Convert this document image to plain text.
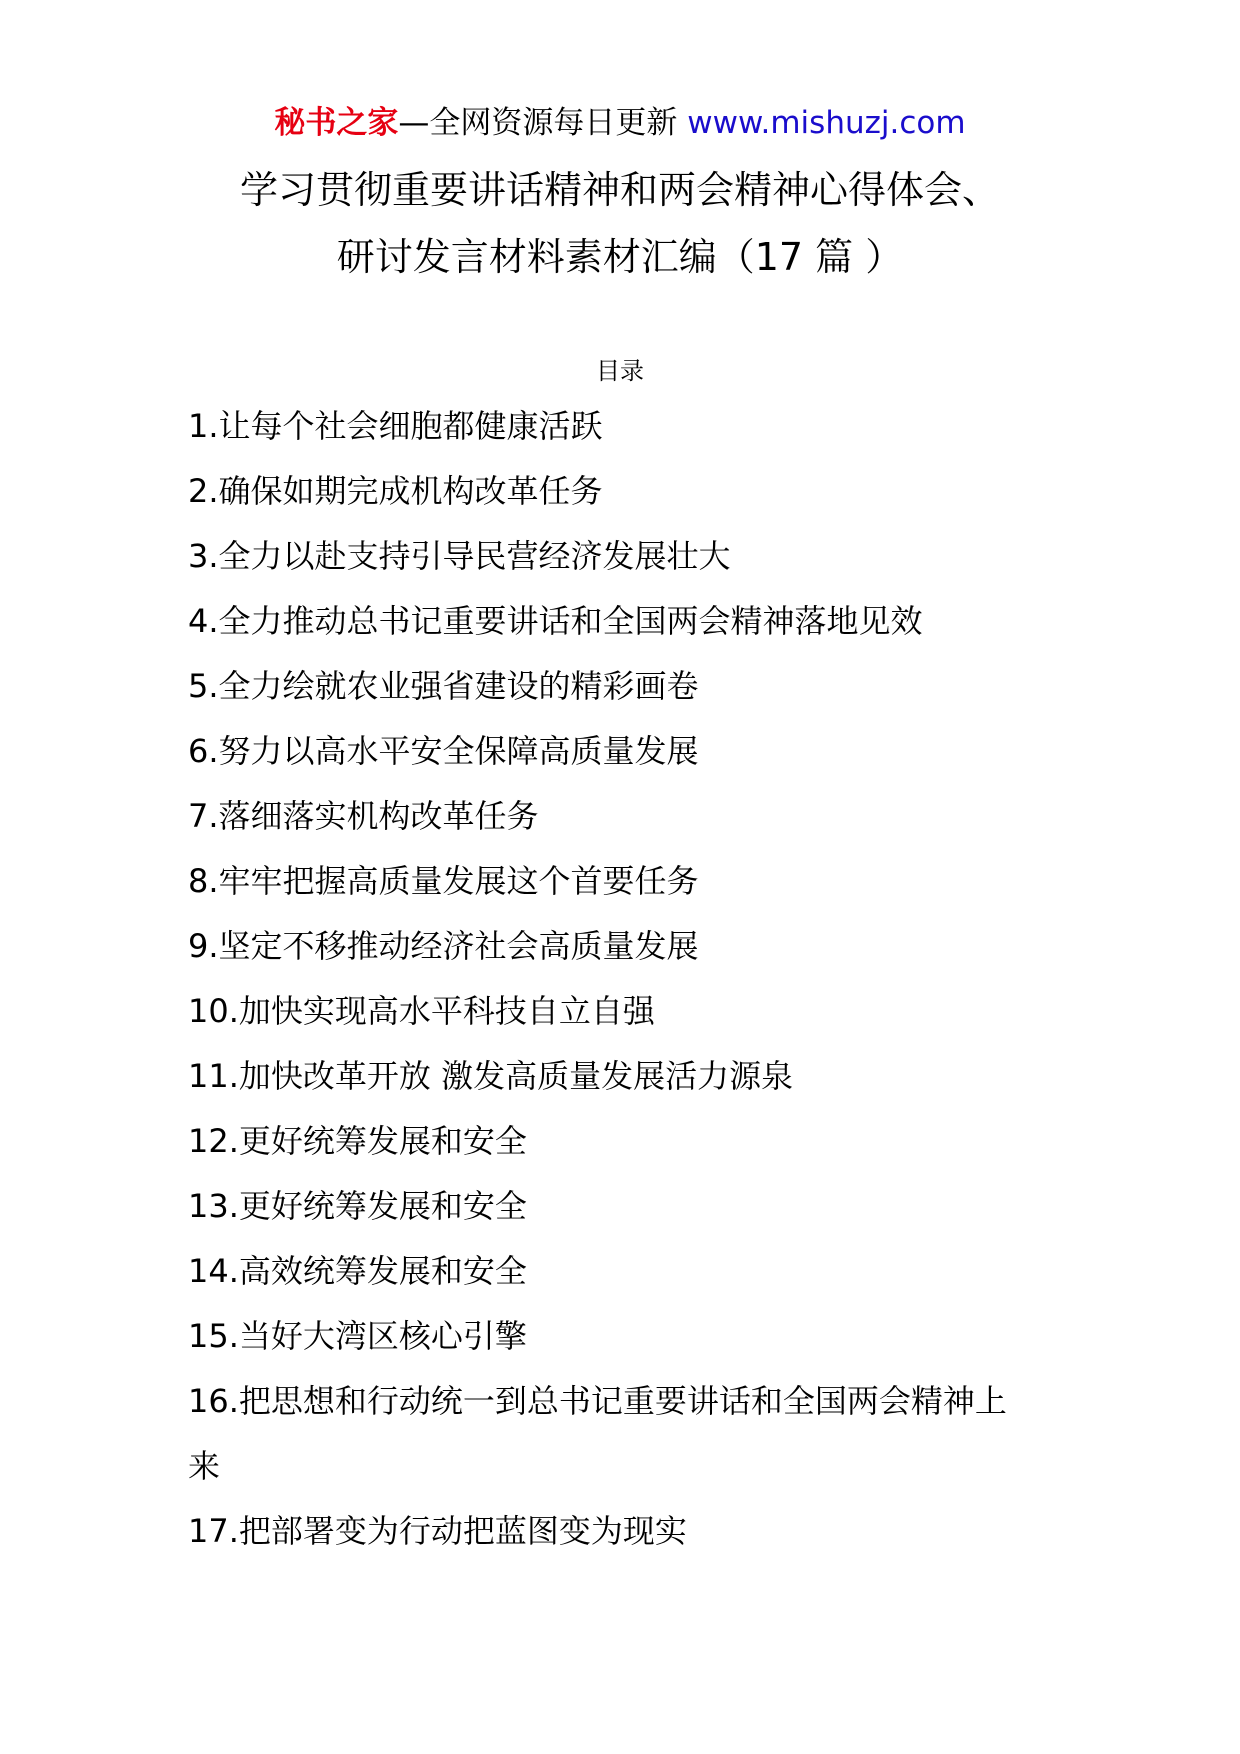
秘书之家—全网资源每日更新 www.mishuzj.com
学习贯彻重要讲话精神和两会精神心得体会、
研讨发言材料素材汇编（17 篇 ）
目录
1.让每个社会细胞都健康活跃
2.确保如期完成机构改革任务
3.全力以赴支持引导民营经济发展壮大
4.全力推动总书记重要讲话和全国两会精神落地见效
5.全力绘就农业强省建设的精彩画卷
6.努力以高水平安全保障高质量发展
7.落细落实机构改革任务
8.牢牢把握高质量发展这个首要任务
9.坚定不移推动经济社会高质量发展
10.加快实现高水平科技自立自强
11.加快改革开放 激发高质量发展活力源泉
12.更好统筹发展和安全
13.更好统筹发展和安全
14.高效统筹发展和安全
15.当好大湾区核心引擎
16.把思想和行动统一到总书记重要讲话和全国两会精神上
来
17.把部署变为行动把蓝图变为现实
